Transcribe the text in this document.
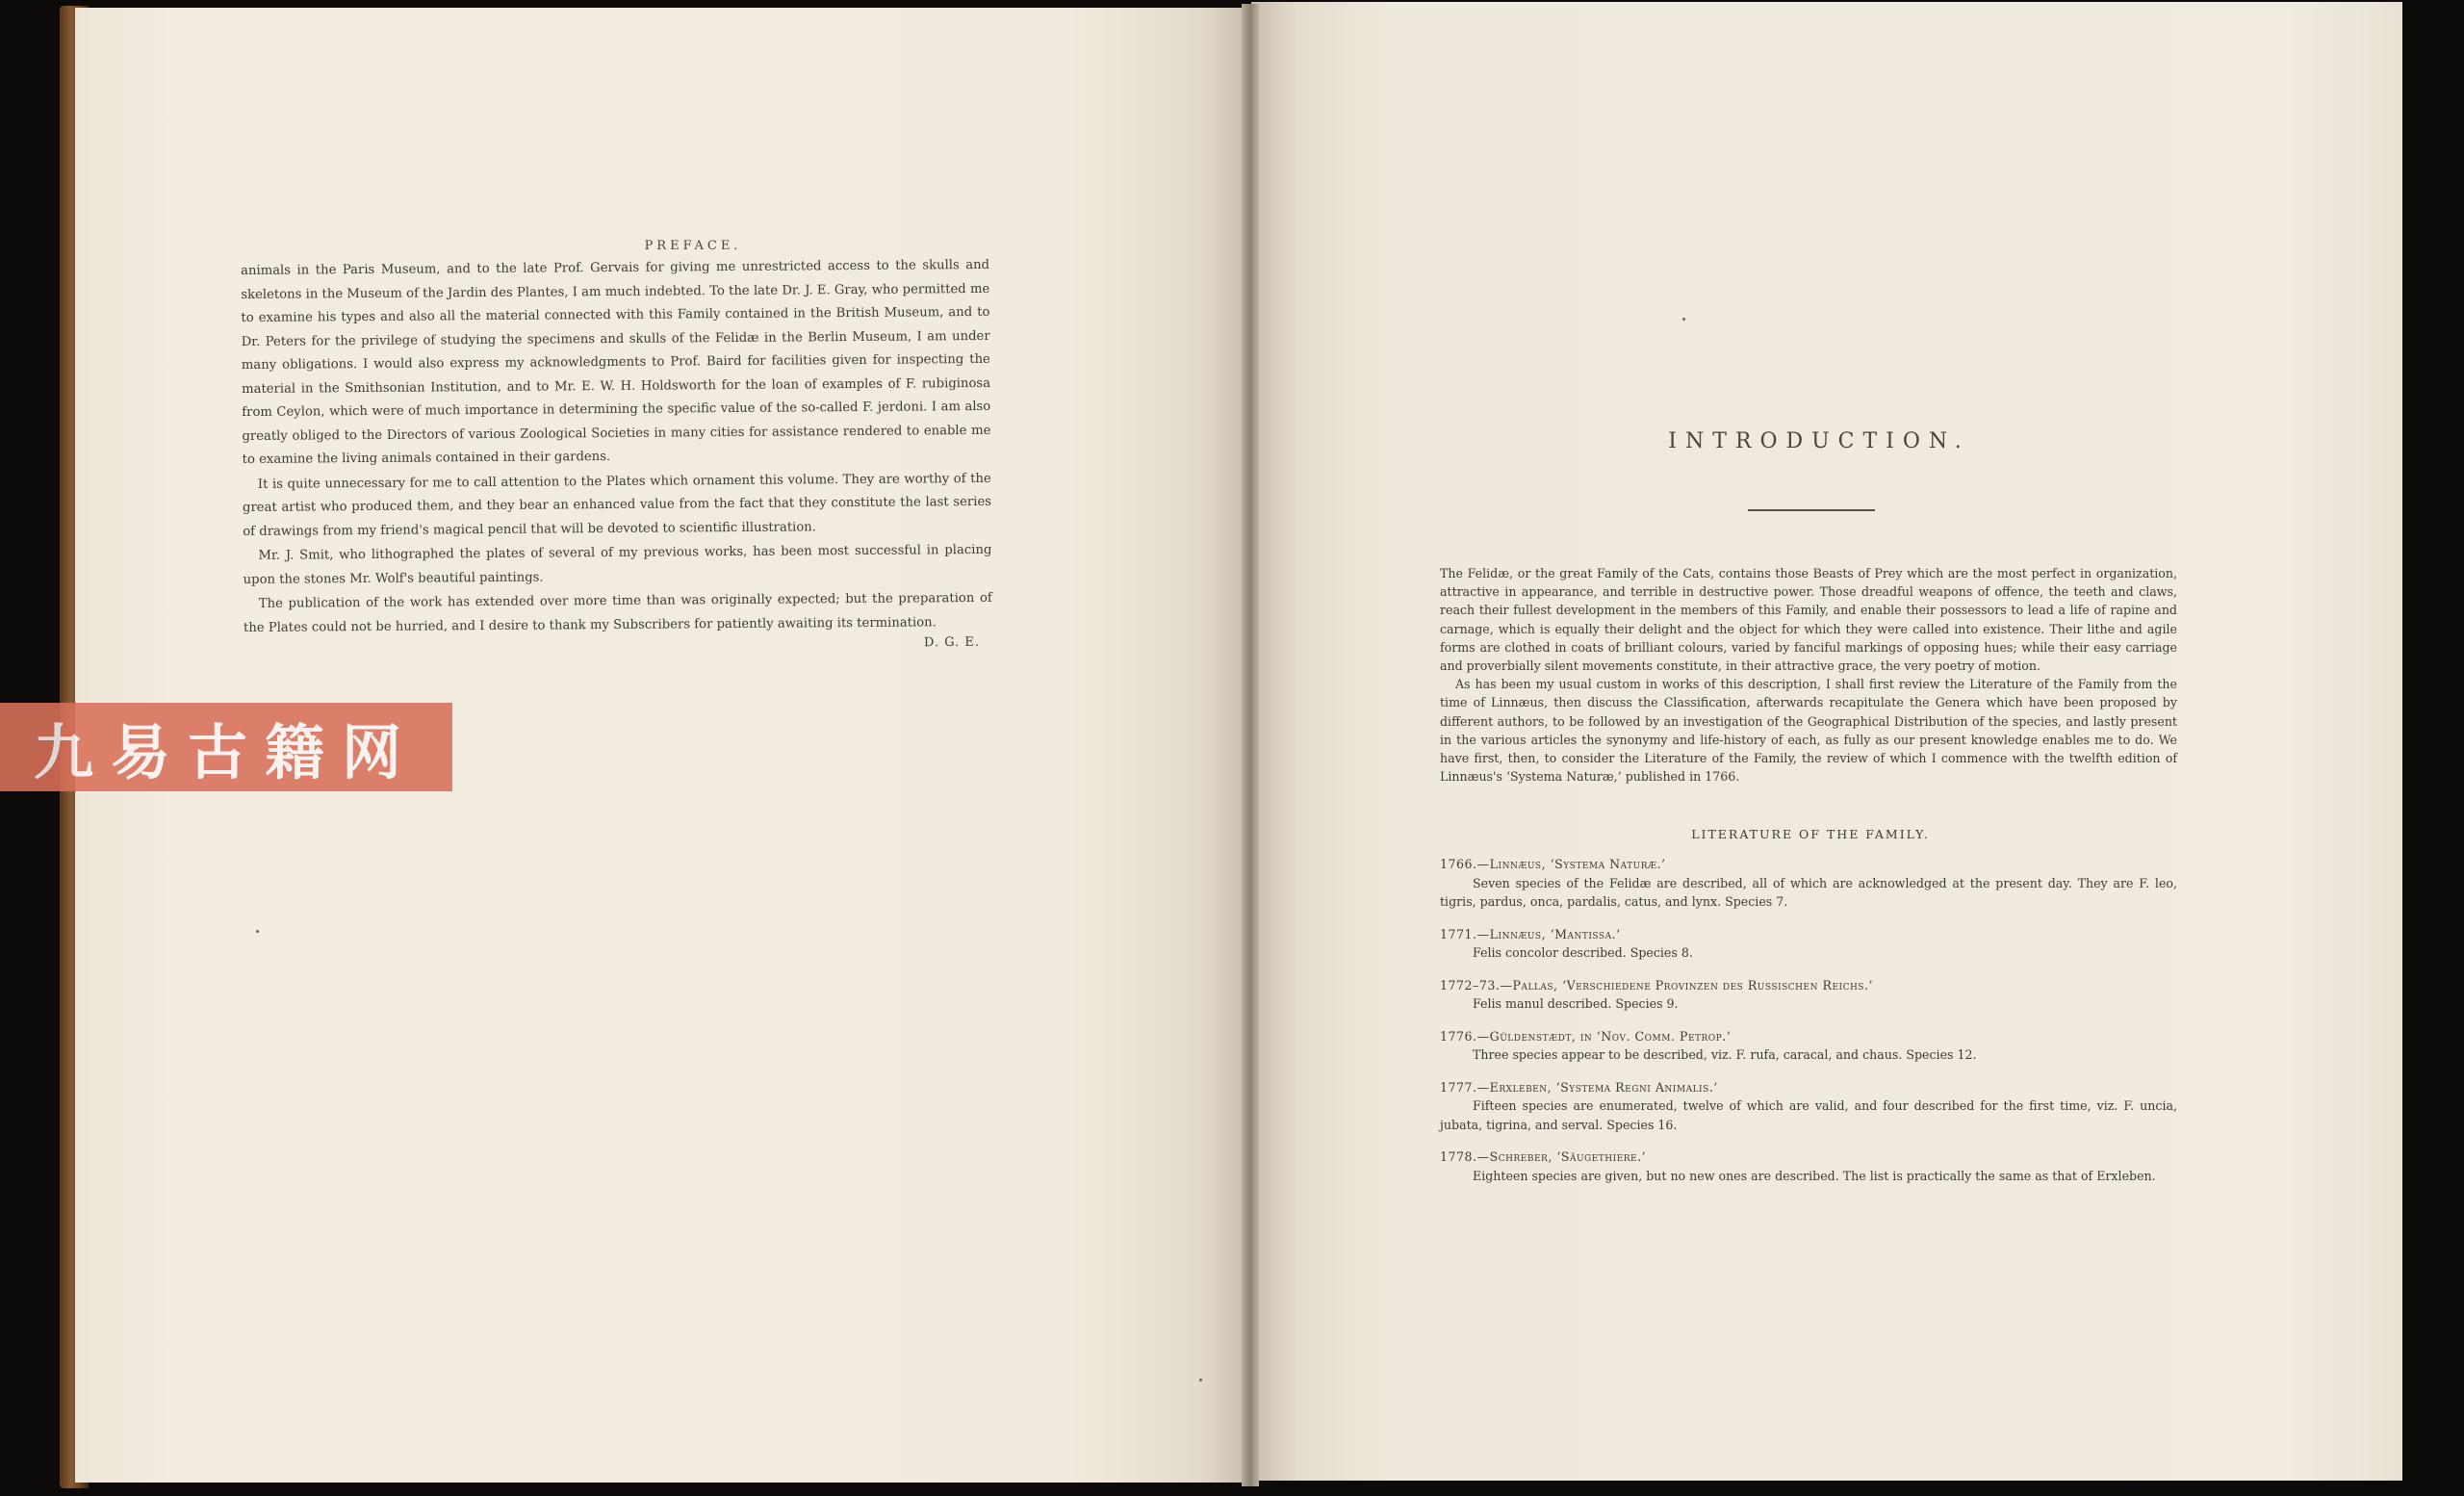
PREFACE.

animals in the Paris Museum, and to the late Prof. Gervais for giving me unrestricted access to the skulls and skeletons in the Museum of the Jardin des Plantes, I am much indebted. To the late Dr. J. E. Gray, who permitted me to examine his types and also all the material connected with this Family contained in the British Museum, and to Dr. Peters for the privilege of studying the specimens and skulls of the Felidæ in the Berlin Museum, I am under many obligations. I would also express my acknowledgments to Prof. Baird for facilities given for inspecting the material in the Smithsonian Institution, and to Mr. E. W. H. Holdsworth for the loan of examples of F. rubiginosa from Ceylon, which were of much importance in determining the specific value of the so-called F. jerdoni. I am also greatly obliged to the Directors of various Zoological Societies in many cities for assistance rendered to enable me to examine the living animals contained in their gardens.

It is quite unnecessary for me to call attention to the Plates which ornament this volume. They are worthy of the great artist who produced them, and they bear an enhanced value from the fact that they constitute the last series of drawings from my friend's magical pencil that will be devoted to scientific illustration.

Mr. J. Smit, who lithographed the plates of several of my previous works, has been most successful in placing upon the stones Mr. Wolf's beautiful paintings.

The publication of the work has extended over more time than was originally expected; but the preparation of the Plates could not be hurried, and I desire to thank my Subscribers for patiently awaiting its termination.

D. G. E.
九易古籍网
INTRODUCTION.

The Felidæ, or the great Family of the Cats, contains those Beasts of Prey which are the most perfect in organization, attractive in appearance, and terrible in destructive power. Those dreadful weapons of offence, the teeth and claws, reach their fullest development in the members of this Family, and enable their possessors to lead a life of rapine and carnage, which is equally their delight and the object for which they were called into existence. Their lithe and agile forms are clothed in coats of brilliant colours, varied by fanciful markings of opposing hues; while their easy carriage and proverbially silent movements constitute, in their attractive grace, the very poetry of motion.

As has been my usual custom in works of this description, I shall first review the Literature of the Family from the time of Linnæus, then discuss the Classification, afterwards recapitulate the Genera which have been proposed by different authors, to be followed by an investigation of the Geographical Distribution of the species, and lastly present in the various articles the synonymy and life-history of each, as fully as our present knowledge enables me to do. We have first, then, to consider the Literature of the Family, the review of which I commence with the twelfth edition of Linnæus's ‘Systema Naturæ,’ published in 1766.

LITERATURE OF THE FAMILY.
1766.—Linnæus, ‘Systema Naturæ.’
Seven species of the Felidæ are described, all of which are acknowledged at the present day. They are F. leo, tigris, pardus, onca, pardalis, catus, and lynx. Species 7.
1771.—Linnæus, ‘Mantissa.’
Felis concolor described. Species 8.
1772–73.—Pallas, ‘Verschiedene Provinzen des Russischen Reichs.’
Felis manul described. Species 9.
1776.—Güldenstædt, in ‘Nov. Comm. Petrop.’
Three species appear to be described, viz. F. rufa, caracal, and chaus. Species 12.
1777.—Erxleben, ‘Systema Regni Animalis.’
Fifteen species are enumerated, twelve of which are valid, and four described for the first time, viz. F. uncia, jubata, tigrina, and serval. Species 16.
1778.—Schreber, ‘Säugethiere.’
Eighteen species are given, but no new ones are described. The list is practically the same as that of Erxleben.
